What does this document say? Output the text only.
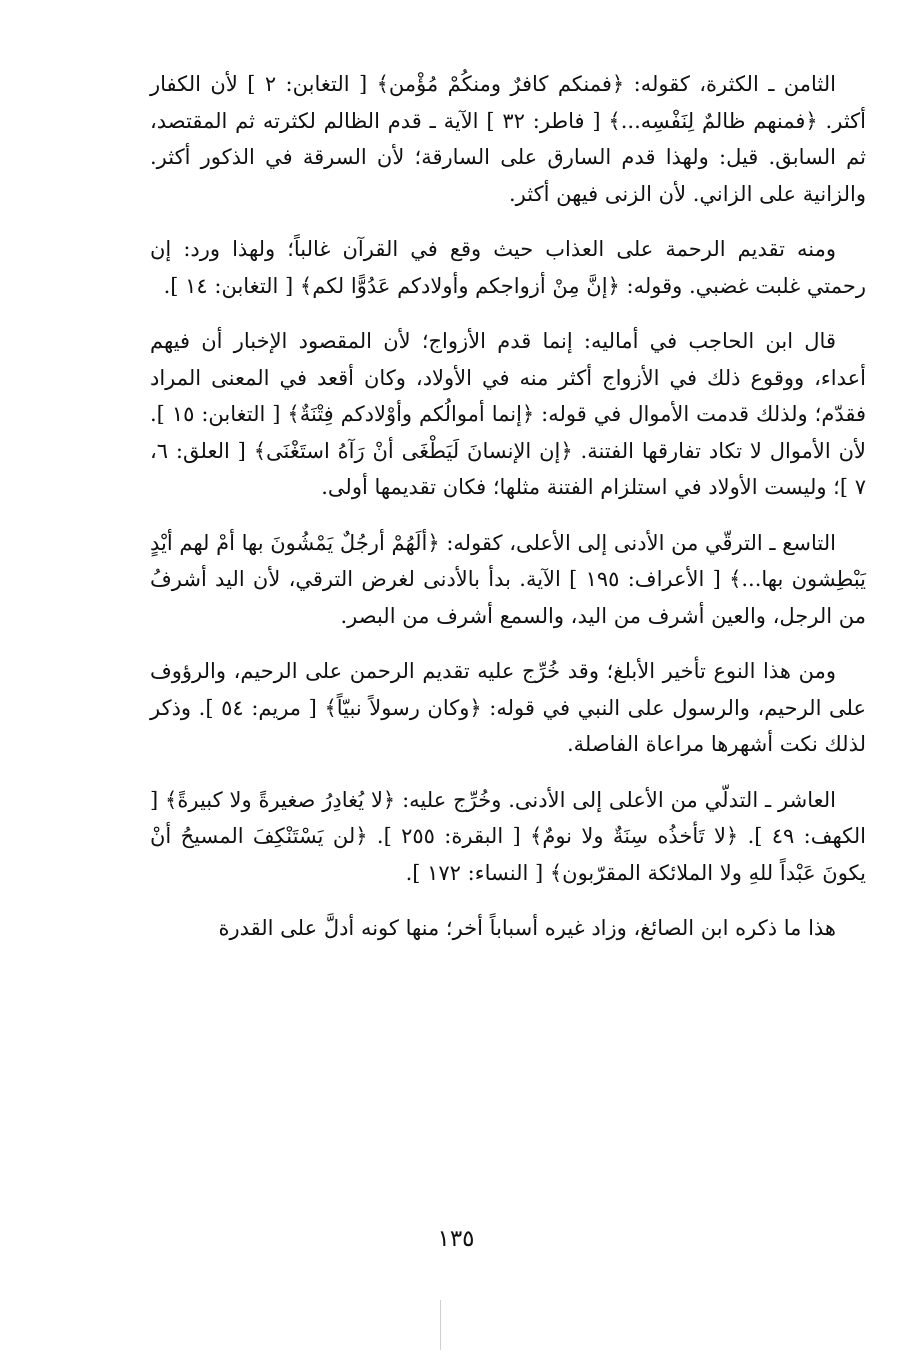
الثامن ـ الكثرة، كقوله: ﴿فمنكم كافرٌ ومنكُمْ مُؤْمن﴾ [ التغابن: ٢ ] لأن الكفار أكثر. ﴿فمنهم ظالمٌ لِنَفْسِه...﴾ [ فاطر: ٣٢ ] الآية ـ قدم الظالم لكثرته ثم المقتصد، ثم السابق. قيل: ولهذا قدم السارق على السارقة؛ لأن السرقة في الذكور أكثر. والزانية على الزاني. لأن الزنى فيهن أكثر.

ومنه تقديم الرحمة على العذاب حيث وقع في القرآن غالباً؛ ولهذا ورد: إن رحمتي غلبت غضبي. وقوله: ﴿إنَّ مِنْ أزواجكم وأولادكم عَدُوًّا لكم﴾ [ التغابن: ١٤ ].

قال ابن الحاجب في أماليه: إنما قدم الأزواج؛ لأن المقصود الإخبار أن فيهم أعداء، ووقوع ذلك في الأزواج أكثر منه في الأولاد، وكان أقعد في المعنى المراد فقدّم؛ ولذلك قدمت الأموال في قوله: ﴿إنما أموالُكم وأوْلادكم فِتْنَةٌ﴾ [ التغابن: ١٥ ]. لأن الأموال لا تكاد تفارقها الفتنة. ﴿إن الإنسانَ لَيَطْغَى أنْ رَآهُ استَغْنَى﴾ [ العلق: ٦، ٧ ]؛ وليست الأولاد في استلزام الفتنة مثلها؛ فكان تقديمها أولى.

التاسع ـ الترقّي من الأدنى إلى الأعلى، كقوله: ﴿ألَهُمْ أرجُلٌ يَمْشُونَ بها أمْ لهم أيْدٍ يَبْطِشون بها...﴾ [ الأعراف: ١٩٥ ] الآية. بدأ بالأدنى لغرض الترقي، لأن اليد أشرفُ من الرجل، والعين أشرف من اليد، والسمع أشرف من البصر.

ومن هذا النوع تأخير الأبلغ؛ وقد خُرِّج عليه تقديم الرحمن على الرحيم، والرؤوف على الرحيم، والرسول على النبي في قوله: ﴿وكان رسولاً نبيّاً﴾ [ مريم: ٥٤ ]. وذكر لذلك نكت أشهرها مراعاة الفاصلة.

العاشر ـ التدلّي من الأعلى إلى الأدنى. وخُرِّج عليه: ﴿لا يُغادِرُ صغيرةً ولا كبيرةً﴾ [ الكهف: ٤٩ ]. ﴿لا تَأخذُه سِنَةٌ ولا نومٌ﴾ [ البقرة: ٢٥٥ ]. ﴿لن يَسْتَنْكِفَ المسيحُ أنْ يكونَ عَبْداً للهِ ولا الملائكة المقرّبون﴾ [ النساء: ١٧٢ ].

هذا ما ذكره ابن الصائغ، وزاد غيره أسباباً أخر؛ منها كونه أدلَّ على القدرة

١٣٥
